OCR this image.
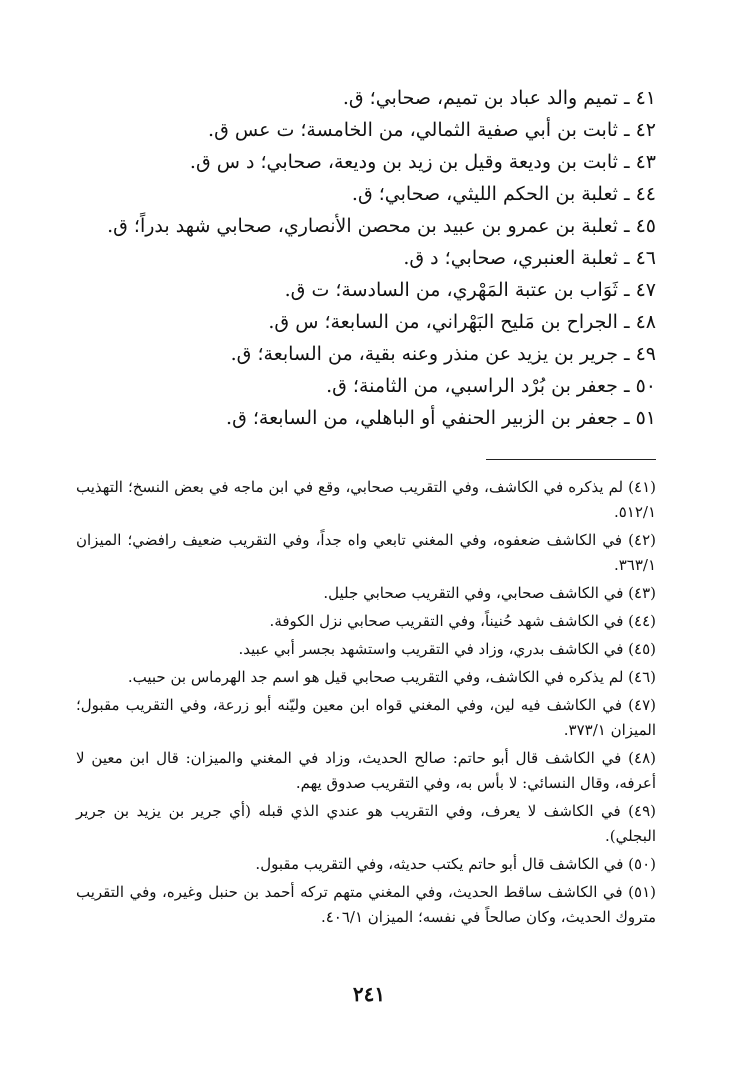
٤١ ـ تميم والد عباد بن تميم، صحابي؛ ق.
٤٢ ـ ثابت بن أبي صفية الثمالي، من الخامسة؛ ت عس ق.
٤٣ ـ ثابت بن وديعة وقيل بن زيد بن وديعة، صحابي؛ د س ق.
٤٤ ـ ثعلبة بن الحكم الليثي، صحابي؛ ق.
٤٥ ـ ثعلبة بن عمرو بن عبيد بن محصن الأنصاري، صحابي شهد بدراً؛ ق.
٤٦ ـ ثعلبة العنبري، صحابي؛ د ق.
٤٧ ـ ثَوَاب بن عتبة المَهْري، من السادسة؛ ت ق.
٤٨ ـ الجراح بن مَليح البَهْراني، من السابعة؛ س ق.
٤٩ ـ جرير بن يزيد عن منذر وعنه بقية، من السابعة؛ ق.
٥٠ ـ جعفر بن بُرْد الراسبي، من الثامنة؛ ق.
٥١ ـ جعفر بن الزبير الحنفي أو الباهلي، من السابعة؛ ق.
(٤١) لم يذكره في الكاشف، وفي التقريب صحابي، وقع في ابن ماجه في بعض النسخ؛ التهذيب ٥١٢/١.
(٤٢) في الكاشف ضعفوه، وفي المغني تابعي واه جداً، وفي التقريب ضعيف رافضي؛ الميزان ٣٦٣/١.
(٤٣) في الكاشف صحابي، وفي التقريب صحابي جليل.
(٤٤) في الكاشف شهد حُنيناً، وفي التقريب صحابي نزل الكوفة.
(٤٥) في الكاشف بدري، وزاد في التقريب واستشهد بجسر أبي عبيد.
(٤٦) لم يذكره في الكاشف، وفي التقريب صحابي قيل هو اسم جد الهرماس بن حبيب.
(٤٧) في الكاشف فيه لين، وفي المغني قواه ابن معين وليّنه أبو زرعة، وفي التقريب مقبول؛ الميزان ٣٧٣/١.
(٤٨) في الكاشف قال أبو حاتم: صالح الحديث، وزاد في المغني والميزان: قال ابن معين لا أعرفه، وقال النسائي: لا بأس به، وفي التقريب صدوق يهم.
(٤٩) في الكاشف لا يعرف، وفي التقريب هو عندي الذي قبله (أي جرير بن يزيد بن جرير البجلي).
(٥٠) في الكاشف قال أبو حاتم يكتب حديثه، وفي التقريب مقبول.
(٥١) في الكاشف ساقط الحديث، وفي المغني متهم تركه أحمد بن حنبل وغيره، وفي التقريب متروك الحديث، وكان صالحاً في نفسه؛ الميزان ٤٠٦/١.
٢٤١
